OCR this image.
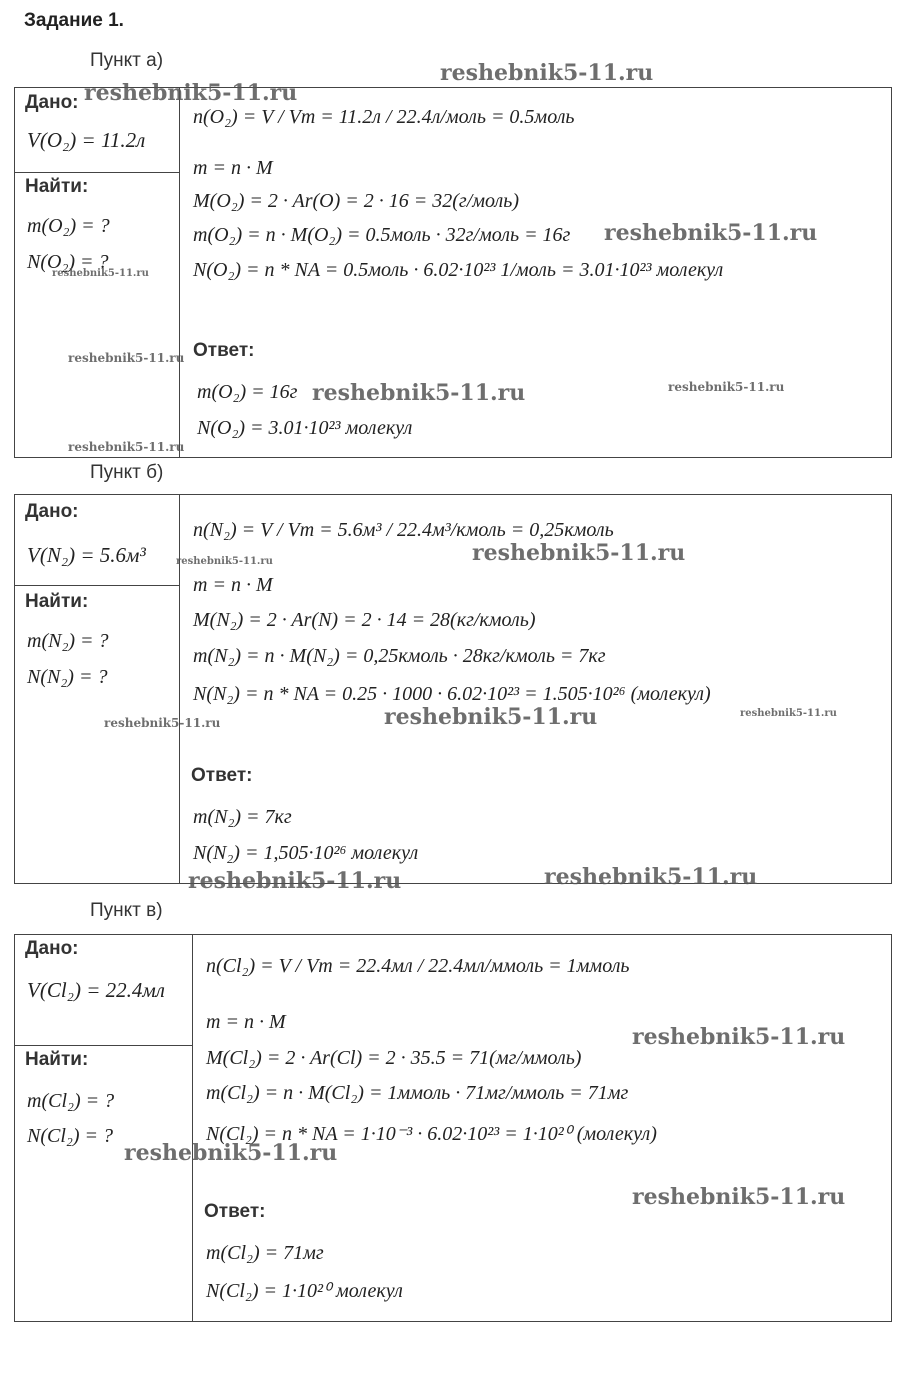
Задание 1.
Пункт а)
Дано:
V(O₂) = 11.2л
Найти:
m(O₂) = ?
N(O₂) = ?
n(O₂) = V / Vm = 11.2л / 22.4л/моль = 0.5моль
m = n · M
M(O₂) = 2 · Ar(O) = 2 · 16 = 32(г/моль)
m(O₂) = n · M(O₂) = 0.5моль · 32г/моль = 16г
N(O₂) = n * NA = 0.5моль · 6.02·10²³ 1/моль = 3.01·10²³ молекул
Ответ:
m(O₂) = 16г
N(O₂) = 3.01·10²³ молекул
Пункт б)
Дано:
V(N₂) = 5.6м³
Найти:
m(N₂) = ?
N(N₂) = ?
n(N₂) = V / Vm = 5.6м³ / 22.4м³/кмоль = 0,25кмоль
m = n · M
M(N₂) = 2 · Ar(N) = 2 · 14 = 28(кг/кмоль)
m(N₂) = n · M(N₂) = 0,25кмоль · 28кг/кмоль = 7кг
N(N₂) = n * NA = 0.25 · 1000 · 6.02·10²³ = 1.505·10²⁶ (молекул)
Ответ:
m(N₂) = 7кг
N(N₂) = 1,505·10²⁶ молекул
Пункт в)
Дано:
V(Cl₂) = 22.4мл
Найти:
m(Cl₂) = ?
N(Cl₂) = ?
n(Cl₂) = V / Vm = 22.4мл / 22.4мл/ммоль = 1ммоль
m = n · M
M(Cl₂) = 2 · Ar(Cl) = 2 · 35.5 = 71(мг/ммоль)
m(Cl₂) = n · M(Cl₂) = 1ммоль · 71мг/ммоль = 71мг
N(Cl₂) = n * NA = 1·10⁻³ · 6.02·10²³ = 1·10²⁰ (молекул)
Ответ:
m(Cl₂) = 71мг
N(Cl₂) = 1·10²⁰ молекул
reshebnik5-11.ru
reshebnik5-11.ru
reshebnik5-11.ru
reshebnik5-11.ru
reshebnik5-11.ru
reshebnik5-11.ru	reshebnik5-11.ru
reshebnik5-11.ru
reshebnik5-11.ru	reshebnik5-11.ru
reshebnik5-11.ru	reshebnik5-11.ru	reshebnik5-11.ru
reshebnik5-11.ru	reshebnik5-11.ru
reshebnik5-11.ru
reshebnik5-11.ru
reshebnik5-11.ru
